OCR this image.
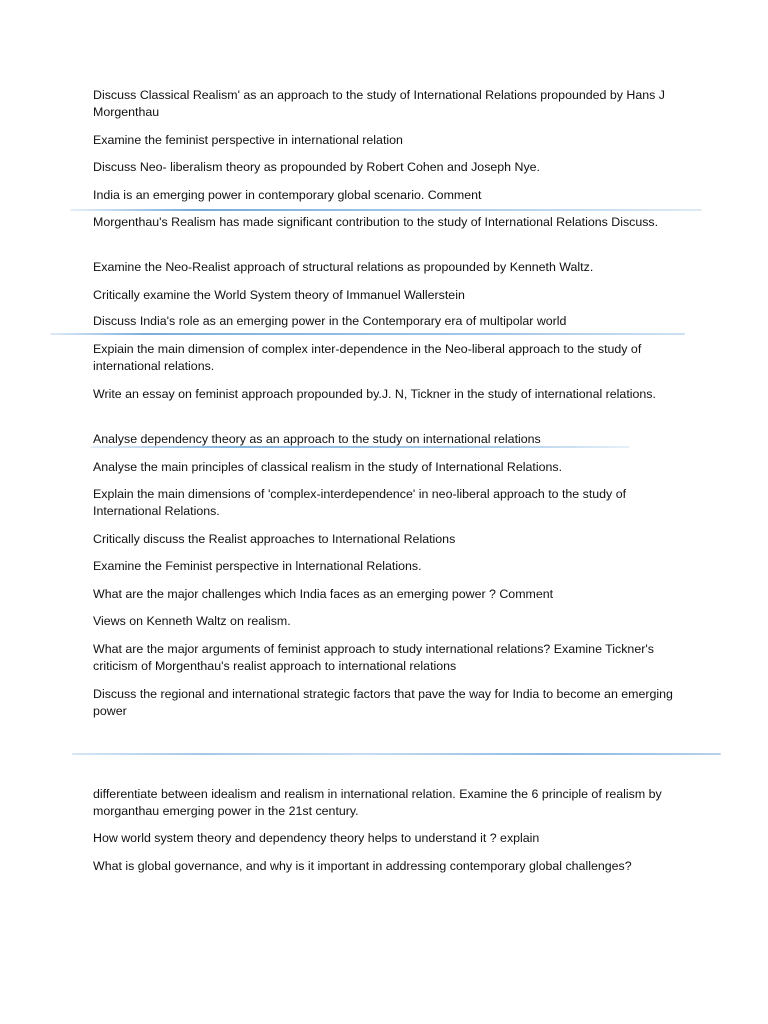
Discuss Classical Realism' as an approach to the study of International Relations propounded by Hans J Morgenthau

Examine the feminist perspective in international relation

Discuss Neo- liberalism theory as propounded by Robert Cohen and Joseph Nye.

India is an emerging power in contemporary global scenario. Comment

Morgenthau's Realism has made significant contribution to the study of International Relations Discuss.

Examine the Neo-Realist approach of structural relations as propounded by Kenneth Waltz.

Critically examine the World System theory of Immanuel Wallerstein

Discuss India's role as an emerging power in the Contemporary era of multipolar world

Expiain the main dimension of complex inter-dependence in the Neo-liberal approach to the study of international relations.

Write an essay on feminist approach propounded by.J. N, Tickner in the study of international relations.

Analyse dependency theory as an approach to the study on international relations

Analyse the main principles of classical realism in the study of International Relations.

Explain the main dimensions of 'complex-interdependence' in neo-liberal approach to the study of International Relations.

Critically discuss the Realist approaches to International Relations

Examine the Feminist perspective in lnternational Relations.

What are the major challenges which India faces as an emerging power ? Comment

Views on Kenneth Waltz on realism.

What are the major arguments of feminist approach to study international relations? Examine Tickner's criticism of Morgenthau's realist approach to international relations

Discuss the regional and international strategic factors that pave the way for India to become an emerging power

differentiate between idealism and realism in international relation. Examine the 6 principle of realism by morganthau emerging power in the 21st century.

How world system theory and dependency theory helps to understand it ? explain

What is global governance, and why is it important in addressing contemporary global challenges?
